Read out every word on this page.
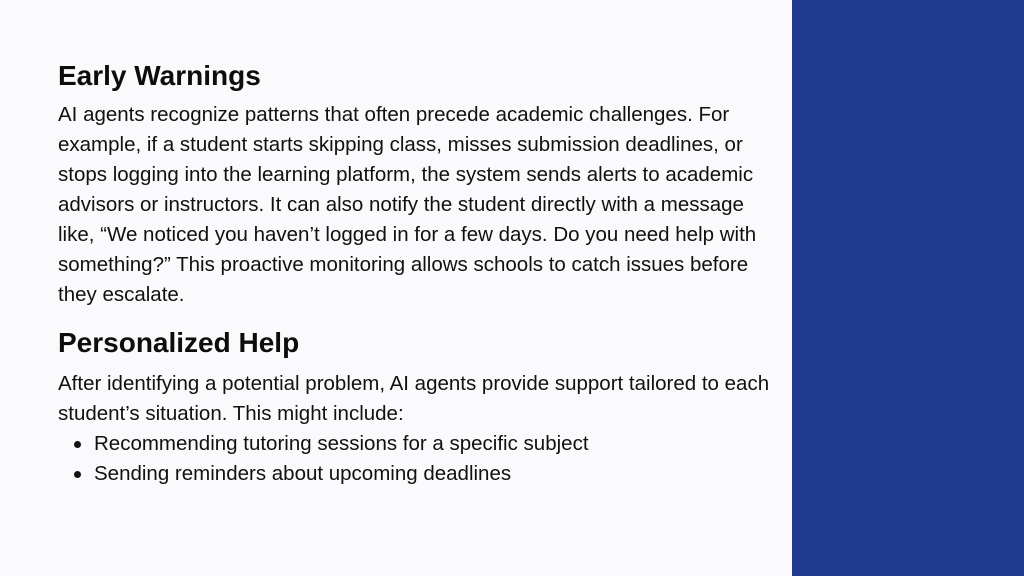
Early Warnings

AI agents recognize patterns that often precede academic challenges. For example, if a student starts skipping class, misses submission deadlines, or stops logging into the learning platform, the system sends alerts to academic advisors or instructors. It can also notify the student directly with a message like, “We noticed you haven’t logged in for a few days. Do you need help with something?” This proactive monitoring allows schools to catch issues before they escalate.

Personalized Help

After identifying a potential problem, AI agents provide support tailored to each student’s situation. This might include:

Recommending tutoring sessions for a specific subject
Sending reminders about upcoming deadlines
